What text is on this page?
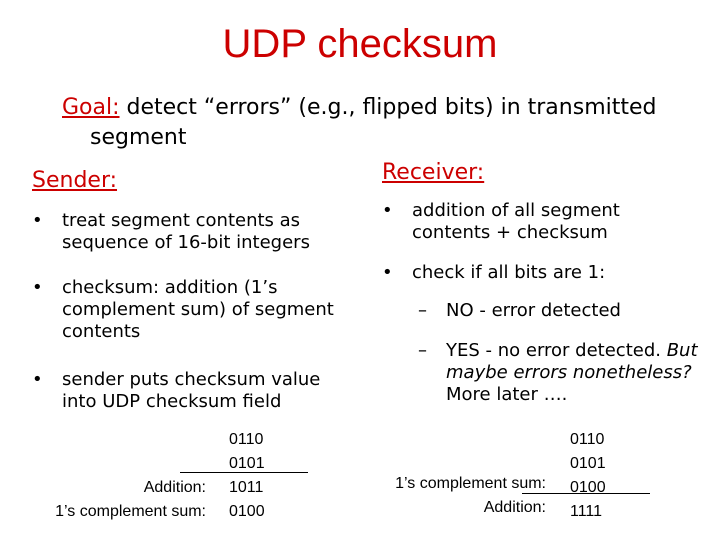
UDP checksum
Goal: detect “errors” (e.g., flipped bits) in transmitted
segment
Sender:
• treat segment contents as sequence of 16-bit integers
• checksum: addition (1’s complement sum) of segment contents
• sender puts checksum value into UDP checksum field
Addition:
1’s complement sum:
0110
0101
1011
0100
Receiver:
• addition of all segment contents + checksum
• check if all bits are 1:
– NO - error detected
– YES - no error detected. But maybe errors nonetheless? More later ….
1’s complement sum:
Addition:
0110
0101
0100
1111
